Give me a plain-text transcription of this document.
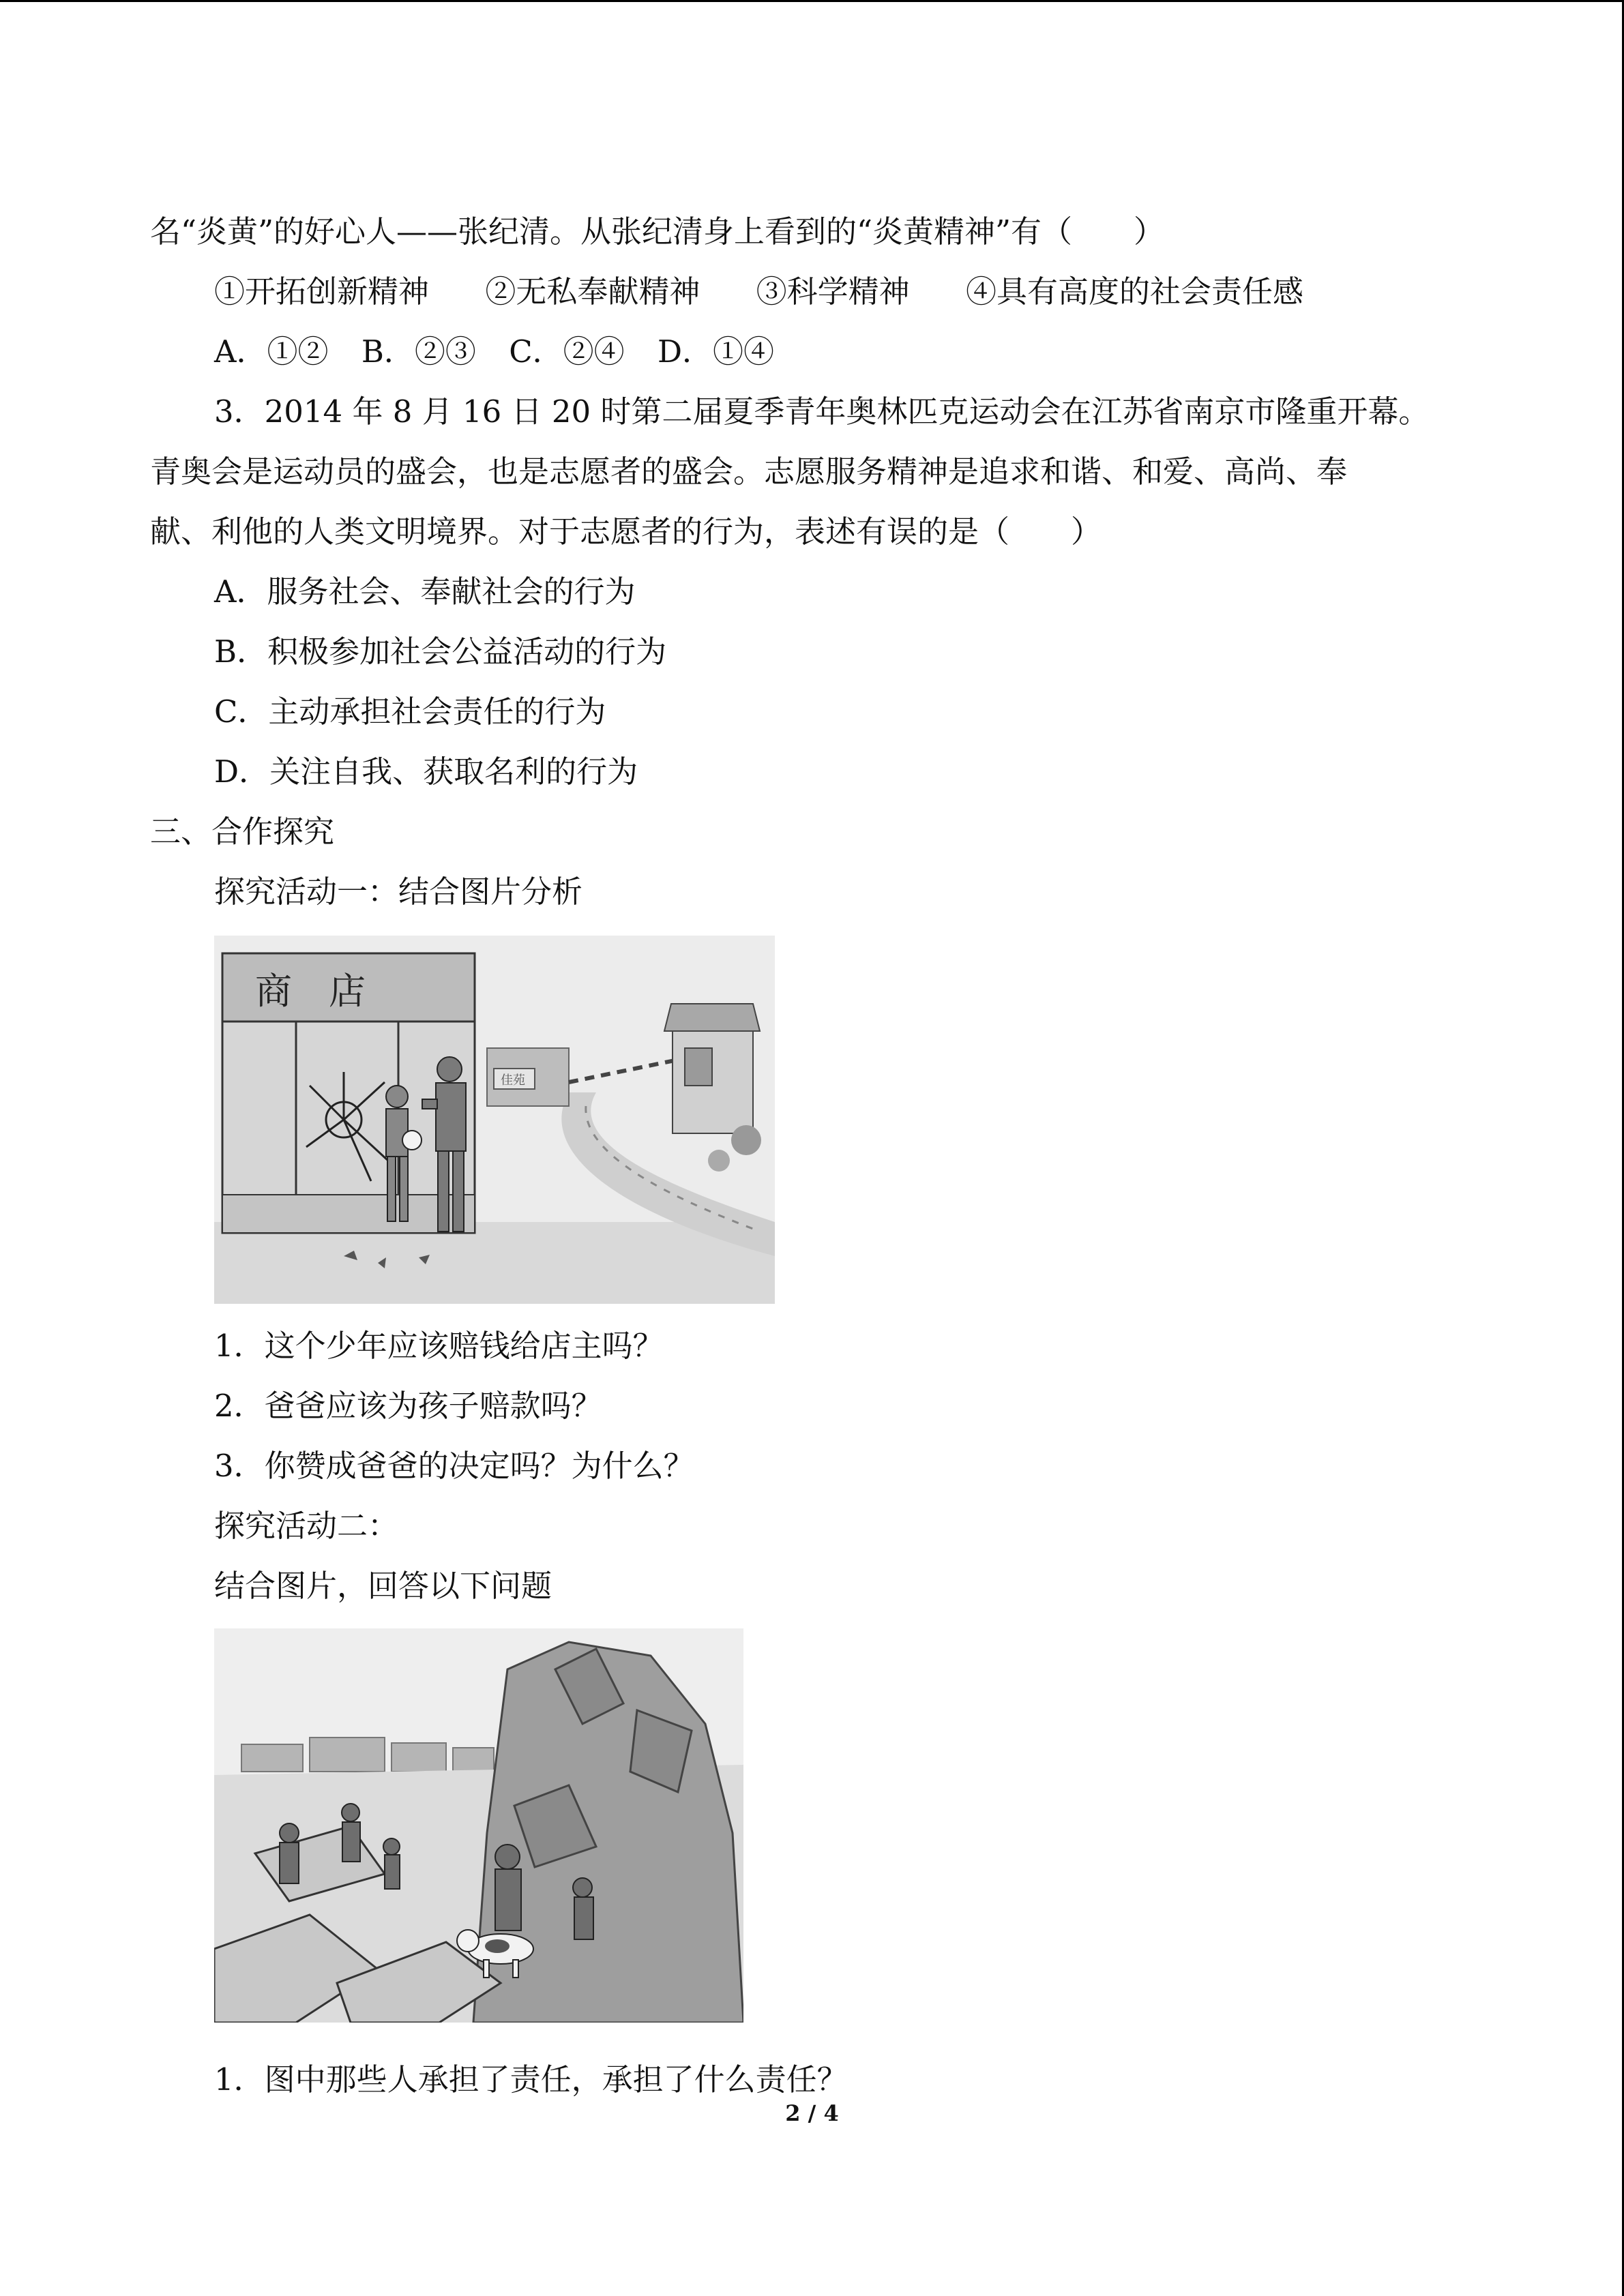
名“炎黄”的好心人——张纪清。从张纪清身上看到的“炎黄精神”有（　　）
①开拓创新精神 ②无私奉献精神 ③科学精神 ④具有高度的社会责任感
A．①② B．②③ C．②④ D．①④
3．2014 年 8 月 16 日 20 时第二届夏季青年奥林匹克运动会在江苏省南京市隆重开幕。
青奥会是运动员的盛会，也是志愿者的盛会。志愿服务精神是追求和谐、和爱、高尚、奉
献、利他的人类文明境界。对于志愿者的行为，表述有误的是（　　）
A．服务社会、奉献社会的行为
B．积极参加社会公益活动的行为
C．主动承担社会责任的行为
D．关注自我、获取名利的行为
三、合作探究
探究活动一：结合图片分析
佳苑
商　店
1．这个少年应该赔钱给店主吗？
2．爸爸应该为孩子赔款吗？
3．你赞成爸爸的决定吗？为什么？
探究活动二：
结合图片，回答以下问题
1．图中那些人承担了责任，承担了什么责任？
2 / 4
